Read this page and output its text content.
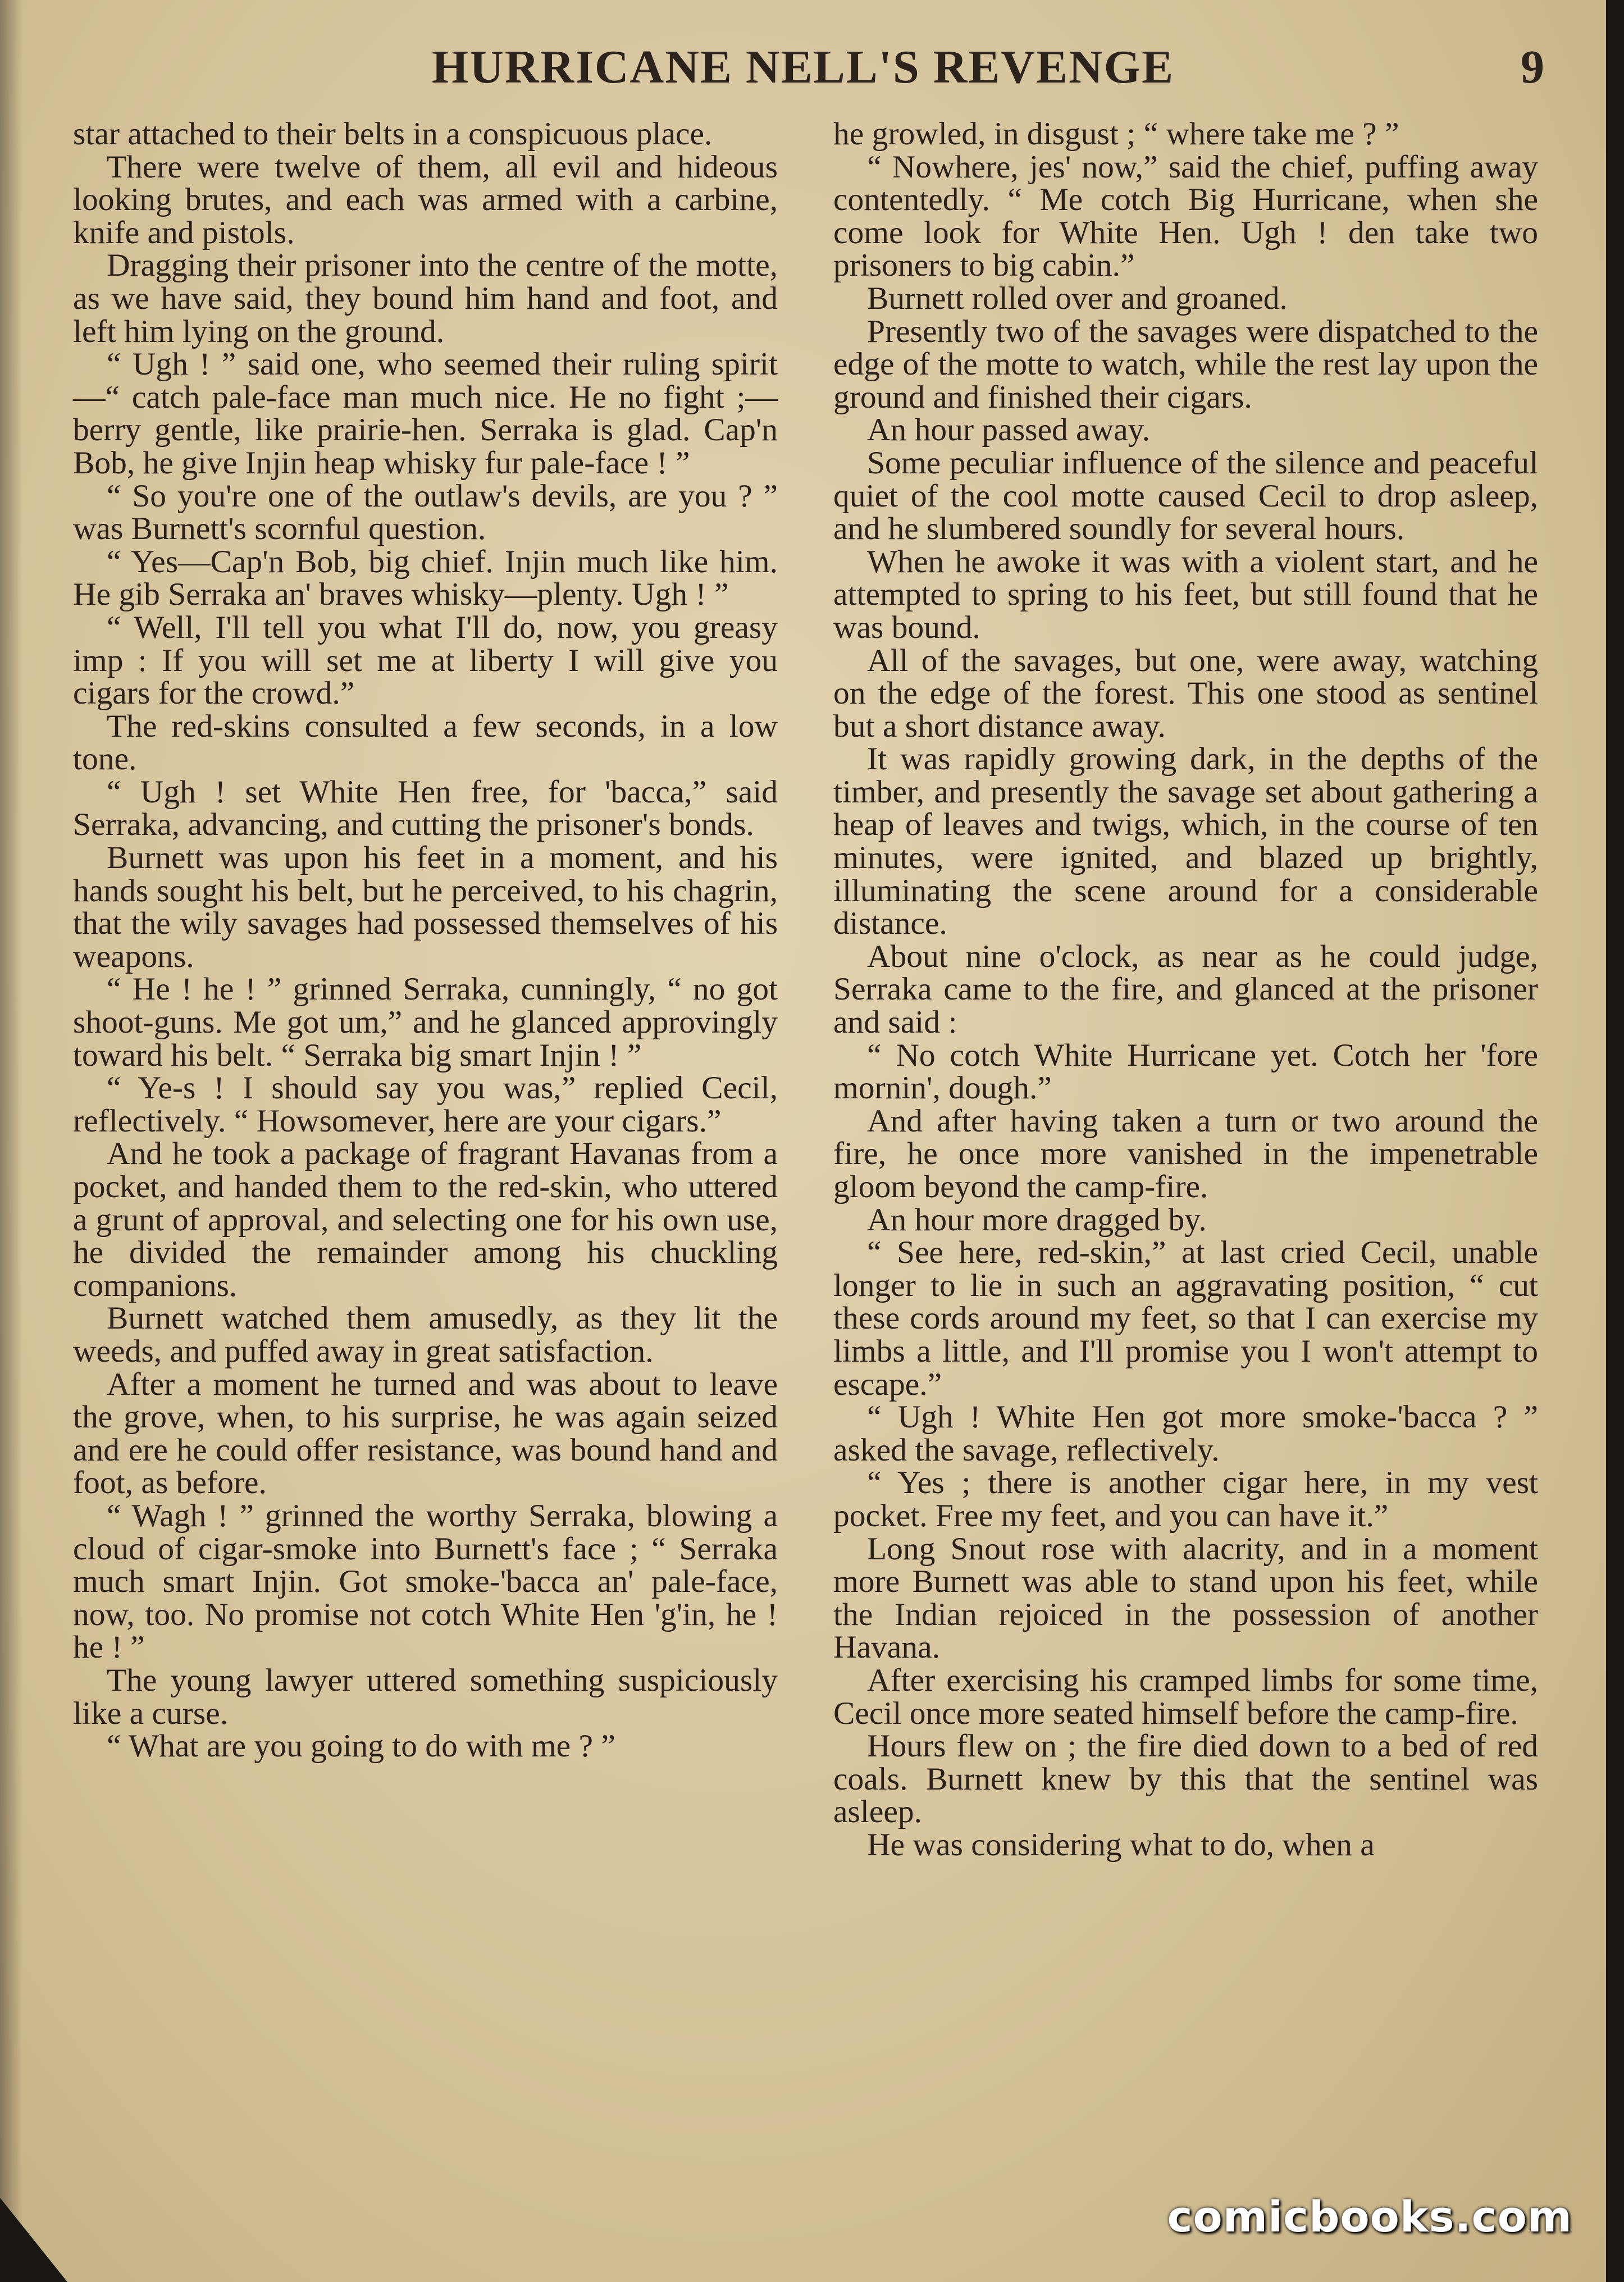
HURRICANE NELL'S REVENGE	9

star attached to their belts in a conspicuous place.

There were twelve of them, all evil and hideous looking brutes, and each was armed with a carbine, knife and pistols.

Dragging their prisoner into the centre of the motte, as we have said, they bound him hand and foot, and left him lying on the ground.

“ Ugh ! ” said one, who seemed their ruling spirit—“ catch pale-face man much nice. He no fight ;—berry gentle, like prairie-hen. Serraka is glad. Cap'n Bob, he give Injin heap whisky fur pale-face ! ”

“ So you're one of the outlaw's devils, are you ? ” was Burnett's scornful question.

“ Yes—Cap'n Bob, big chief. Injin much like him. He gib Serraka an' braves whisky—plenty. Ugh ! ”

“ Well, I'll tell you what I'll do, now, you greasy imp : If you will set me at liberty I will give you cigars for the crowd.”

The red-skins consulted a few seconds, in a low tone.

“ Ugh ! set White Hen free, for 'bacca,” said Serraka, advancing, and cutting the prisoner's bonds.

Burnett was upon his feet in a moment, and his hands sought his belt, but he perceived, to his chagrin, that the wily savages had possessed themselves of his weapons.

“ He ! he ! ” grinned Serraka, cunningly, “ no got shoot-guns. Me got um,” and he glanced approvingly toward his belt. “ Serraka big smart Injin ! ”

“ Ye-s ! I should say you was,” replied Cecil, reflectively. “ Howsomever, here are your cigars.”

And he took a package of fragrant Havanas from a pocket, and handed them to the red-skin, who uttered a grunt of approval, and selecting one for his own use, he divided the remainder among his chuckling companions.

Burnett watched them amusedly, as they lit the weeds, and puffed away in great satisfaction.

After a moment he turned and was about to leave the grove, when, to his surprise, he was again seized and ere he could offer resistance, was bound hand and foot, as before.

“ Wagh ! ” grinned the worthy Serraka, blowing a cloud of cigar-smoke into Burnett's face ; “ Serraka much smart Injin. Got smoke-'bacca an' pale-face, now, too. No promise not cotch White Hen 'g'in, he ! he ! ”

The young lawyer uttered something suspiciously like a curse.

“ What are you going to do with me ? ”

he growled, in disgust ; “ where take me ? ”

“ Nowhere, jes' now,” said the chief, puffing away contentedly. “ Me cotch Big Hurricane, when she come look for White Hen. Ugh ! den take two prisoners to big cabin.”

Burnett rolled over and groaned.

Presently two of the savages were dispatched to the edge of the motte to watch, while the rest lay upon the ground and finished their cigars.

An hour passed away.

Some peculiar influence of the silence and peaceful quiet of the cool motte caused Cecil to drop asleep, and he slumbered soundly for several hours.

When he awoke it was with a violent start, and he attempted to spring to his feet, but still found that he was bound.

All of the savages, but one, were away, watching on the edge of the forest. This one stood as sentinel but a short distance away.

It was rapidly growing dark, in the depths of the timber, and presently the savage set about gathering a heap of leaves and twigs, which, in the course of ten minutes, were ignited, and blazed up brightly, illuminating the scene around for a considerable distance.

About nine o'clock, as near as he could judge, Serraka came to the fire, and glanced at the prisoner and said :

“ No cotch White Hurricane yet. Cotch her 'fore mornin', dough.”

And after having taken a turn or two around the fire, he once more vanished in the impenetrable gloom beyond the camp-fire.

An hour more dragged by.

“ See here, red-skin,” at last cried Cecil, unable longer to lie in such an aggravating position, “ cut these cords around my feet, so that I can exercise my limbs a little, and I'll promise you I won't attempt to escape.”

“ Ugh ! White Hen got more smoke-'bacca ? ” asked the savage, reflectively.

“ Yes ; there is another cigar here, in my vest pocket. Free my feet, and you can have it.”

Long Snout rose with alacrity, and in a moment more Burnett was able to stand upon his feet, while the Indian rejoiced in the possession of another Havana.

After exercising his cramped limbs for some time, Cecil once more seated himself before the camp-fire.

Hours flew on ; the fire died down to a bed of red coals. Burnett knew by this that the sentinel was asleep.

He was considering what to do, when a

comicbooks.com
